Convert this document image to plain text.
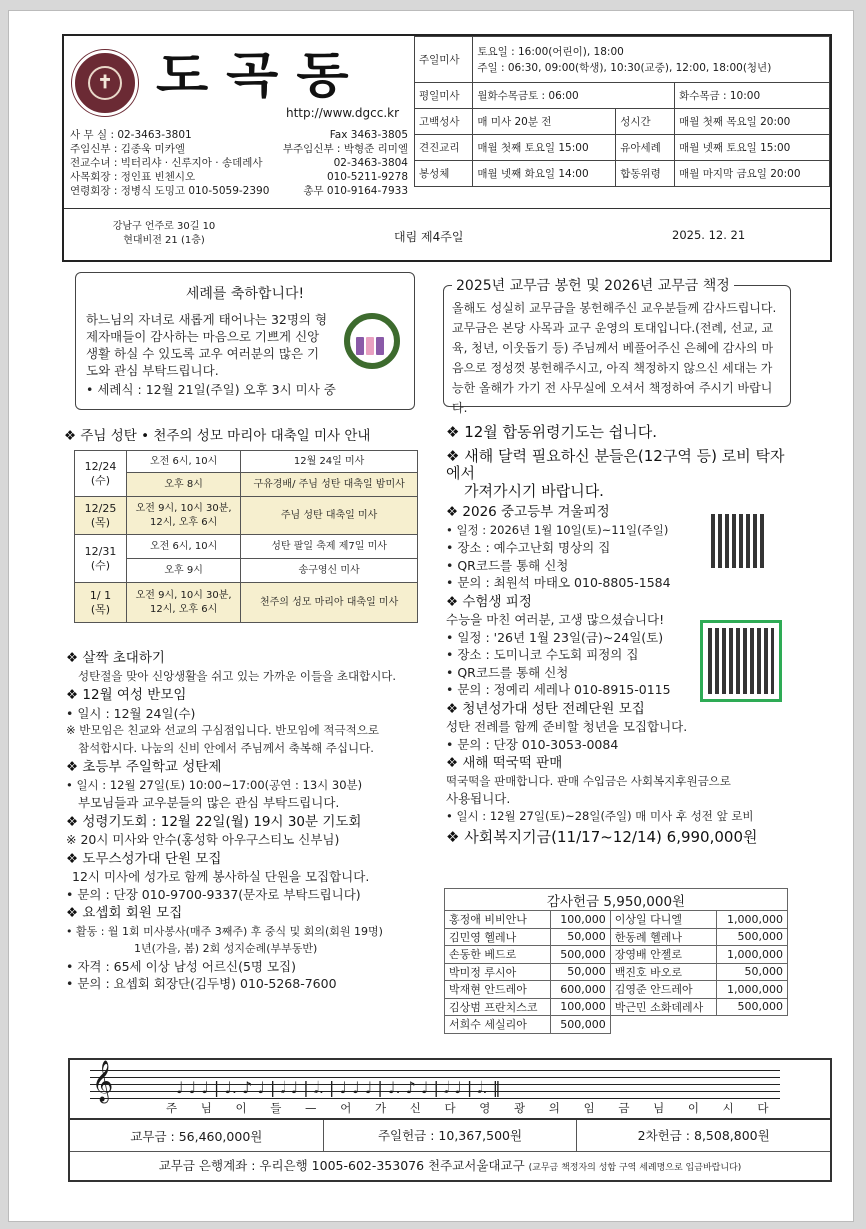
✝ 도곡동
http://www.dgcc.kr
사 무 실 : 02-3463-3801	Fax 3463-3805
주임신부 : 김종욱 미카엘	부주임신부 : 박형준 리미엘
전교수녀 : 빅터리샤 · 신루지아 · 송데레사	02-3463-3804
사목회장 : 정인표 빈첸시오	010-5211-9278
연령회장 : 정병식 도밍고 010-5059-2390	총무 010-9164-7933
강남구 언주로 30길 10
현대비전 21 (1층)	대림 제4주일	2025. 12. 21
주일미사	토요일 : 16:00(어린이), 18:00
주일 : 06:30, 09:00(학생), 10:30(교중), 12:00, 18:00(청년)		
평일미사	월화수목금토 : 06:00		화수목금 : 10:00
고백성사	매 미사 20분 전	성시간	매월 첫째 목요일 20:00
견진교리	매월 첫째 토요일 15:00	유아세례	매월 넷째 토요일 15:00
봉성체	매월 넷째 화요일 14:00	합동위령	매월 마지막 금요일 20:00
세례를 축하합니다!

하느님의 자녀로 새롭게 태어나는 32명의 형제자매들이 감사하는 마음으로 기쁘게 신앙생활 하실 수 있도록 교우 여러분의 많은 기도와 관심 부탁드립니다.

• 세례식 : 12월 21일(주일) 오후 3시 미사 중

2025년 교무금 봉헌 및 2026년 교무금 책정

올해도 성실히 교무금을 봉헌해주신 교우분들께 감사드립니다. 교무금은 본당 사목과 교구 운영의 토대입니다.(전례, 선교, 교육, 청년, 이웃돕기 등) 주님께서 베풀어주신 은혜에 감사의 마음으로 정성껏 봉헌해주시고, 아직 책정하지 않으신 세대는 가능한 올해가 가기 전 사무실에 오셔서 책정하여 주시기 바랍니다.

❖ 주님 성탄 • 천주의 성모 마리아 대축일 미사 안내
12/24
(수)	오전 6시, 10시	12월 24일 미사
	오후 8시	구유경배/ 주님 성탄 대축일 밤미사
12/25
(목)	오전 9시, 10시 30분,
12시, 오후 6시	주님 성탄 대축일 미사
12/31
(수)	오전 6시, 10시	성탄 팔일 축제 제7일 미사
	오후 9시	송구영신 미사
1/ 1
(목)	오전 9시, 10시 30분,
12시, 오후 6시	천주의 성모 마리아 대축일 미사
❖ 살짝 초대하기
성탄절을 맞아 신앙생활을 쉬고 있는 가까운 이들을 초대합시다.
❖ 12월 여성 반모임
• 일시 : 12월 24일(수)
※ 반모임은 친교와 선교의 구심점입니다. 반모임에 적극적으로
참석합시다. 나눔의 신비 안에서 주님께서 축복해 주십니다.
❖ 초등부 주일학교 성탄제
• 일시 : 12월 27일(토) 10:00~17:00(공연 : 13시 30분)
부모님들과 교우분들의 많은 관심 부탁드립니다.
❖ 성령기도회 : 12월 22일(월) 19시 30분 기도회
※ 20시 미사와 안수(홍성학 아우구스티노 신부님)
❖ 도무스성가대 단원 모집
12시 미사에 성가로 함께 봉사하실 단원을 모집합니다.
• 문의 : 단장 010-9700-9337(문자로 부탁드립니다)
❖ 요셉회 회원 모집
• 활동 : 월 1회 미사봉사(매주 3째주) 후 중식 및 회의(회원 19명)
1년(가을, 봄) 2회 성지순례(부부동반)
• 자격 : 65세 이상 남성 어르신(5명 모집)
• 문의 : 요셉회 회장단(김두병) 010-5268-7600
❖ 12월 합동위령기도는 쉽니다.
❖ 새해 달력 필요하신 분들은(12구역 등) 로비 탁자에서
가져가시기 바랍니다.
❖ 2026 중고등부 겨울피정
• 일정 : 2026년 1월 10일(토)~11일(주일)
• 장소 : 예수고난회 명상의 집
• QR코드를 통해 신청
• 문의 : 최원석 마태오 010-8805-1584
❖ 수험생 피정
수능을 마친 여러분, 고생 많으셨습니다!
• 일정 : '26년 1월 23일(금)~24일(토)
• 장소 : 도미니코 수도회 피정의 집
• QR코드를 통해 신청
• 문의 : 정예리 세레나 010-8915-0115
❖ 청년성가대 성탄 전례단원 모집
성탄 전례를 함께 준비할 청년을 모집합니다.
• 문의 : 단장 010-3053-0084
❖ 새해 떡국떡 판매
떡국떡을 판매합니다. 판매 수입금은 사회복지후원금으로
사용됩니다.
• 일시 : 12월 27일(토)~28일(주일) 매 미사 후 성전 앞 로비
❖ 사회복지기금(11/17~12/14) 6,990,000원
감사헌금 5,950,000원			
홍정애 비비안나	100,000	이상일 다니엘	1,000,000
김민영 헬레나	50,000	한동례 헬레나	500,000
손동한 베드로	500,000	장영배 안젤로	1,000,000
박미정 루시아	50,000	백진호 바오로	50,000
박재현 안드레아	600,000	김영준 안드레아	1,000,000
김상범 프란치스코	100,000	박근민 소화데레사	500,000
서희수 세실리아	500,000		
𝄞	♩ ♩ ♩ | ♩. ♪ ♩ | 𝅗𝅥 ♩ | 𝅗𝅥. | ♩ ♩ ♩ | ♩. ♪ ♩ | 𝅗𝅥 ♩ | 𝅗𝅥. ‖
주 님 이 들 — 어 가 신 다 영 광 의 임 금 님 이 시 다
교무금 : 56,460,000원	주일헌금 : 10,367,500원	2차헌금 : 8,508,800원
교무금 은행계좌 : 우리은행 1005-602-353076 천주교서울대교구 (교무금 책정자의 성함 구역 세례명으로 입금바랍니다)
